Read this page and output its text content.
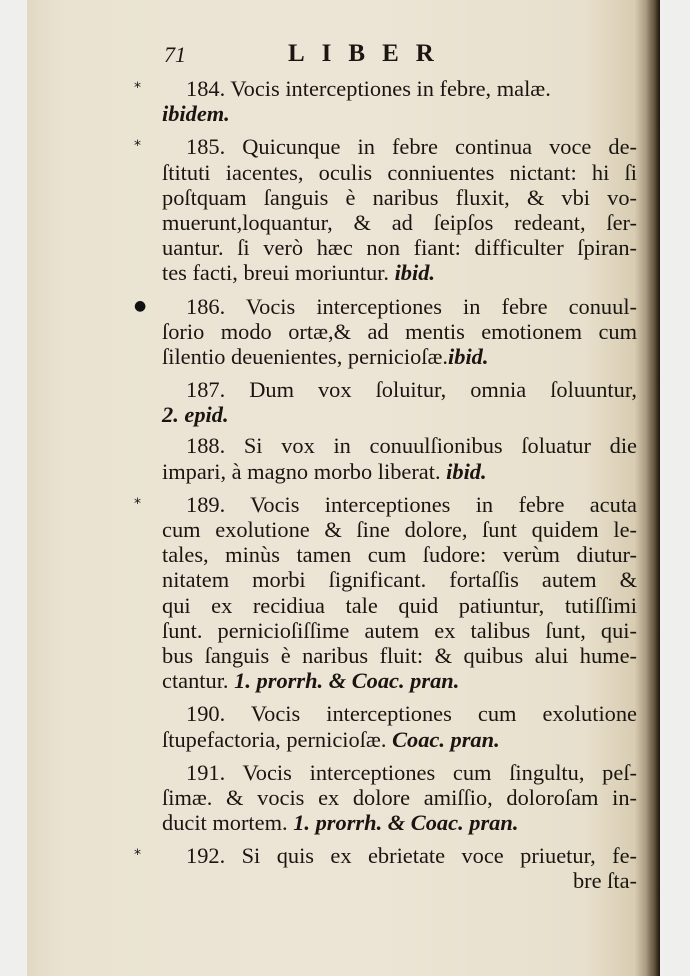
71	LIBER
*	184. Vocis interceptiones in febre, malæ.
ibidem.
*	185. Quicunque in febre continua voce de-
ſtituti iacentes, oculis conniuentes nictant: hi ſi
poſtquam ſanguis è naribus fluxit, & vbi vo-
muerunt,loquantur, & ad ſeipſos redeant, ſer-
uantur. ſi verò hæc non fiant: difficulter ſpiran-
tes facti, breui moriuntur. ibid.
●	186. Vocis interceptiones in febre conuul-
ſorio modo ortæ,& ad mentis emotionem cum
ſilentio deuenientes, pernicioſæ.ibid.
187. Dum vox ſoluitur, omnia ſoluuntur,
2. epid.
188. Si vox in conuulſionibus ſoluatur die
impari, à magno morbo liberat. ibid.
*	189. Vocis interceptiones in febre acuta
cum exolutione & ſine dolore, ſunt quidem le-
tales, minùs tamen cum ſudore: verùm diutur-
nitatem morbi ſignificant. fortaſſis autem &
qui ex recidiua tale quid patiuntur, tutiſſimi
ſunt. pernicioſiſſime autem ex talibus ſunt, qui-
bus ſanguis è naribus fluit: & quibus alui hume-
ctantur. 1. prorrh. & Coac. pran.
190. Vocis interceptiones cum exolutione
ſtupefactoria, pernicioſæ. Coac. pran.
191. Vocis interceptiones cum ſingultu, peſ-
ſimæ. & vocis ex dolore amiſſio, doloroſam in-
ducit mortem. 1. prorrh. & Coac. pran.
*	192. Si quis ex ebrietate voce priuetur, fe-
bre ſta-
